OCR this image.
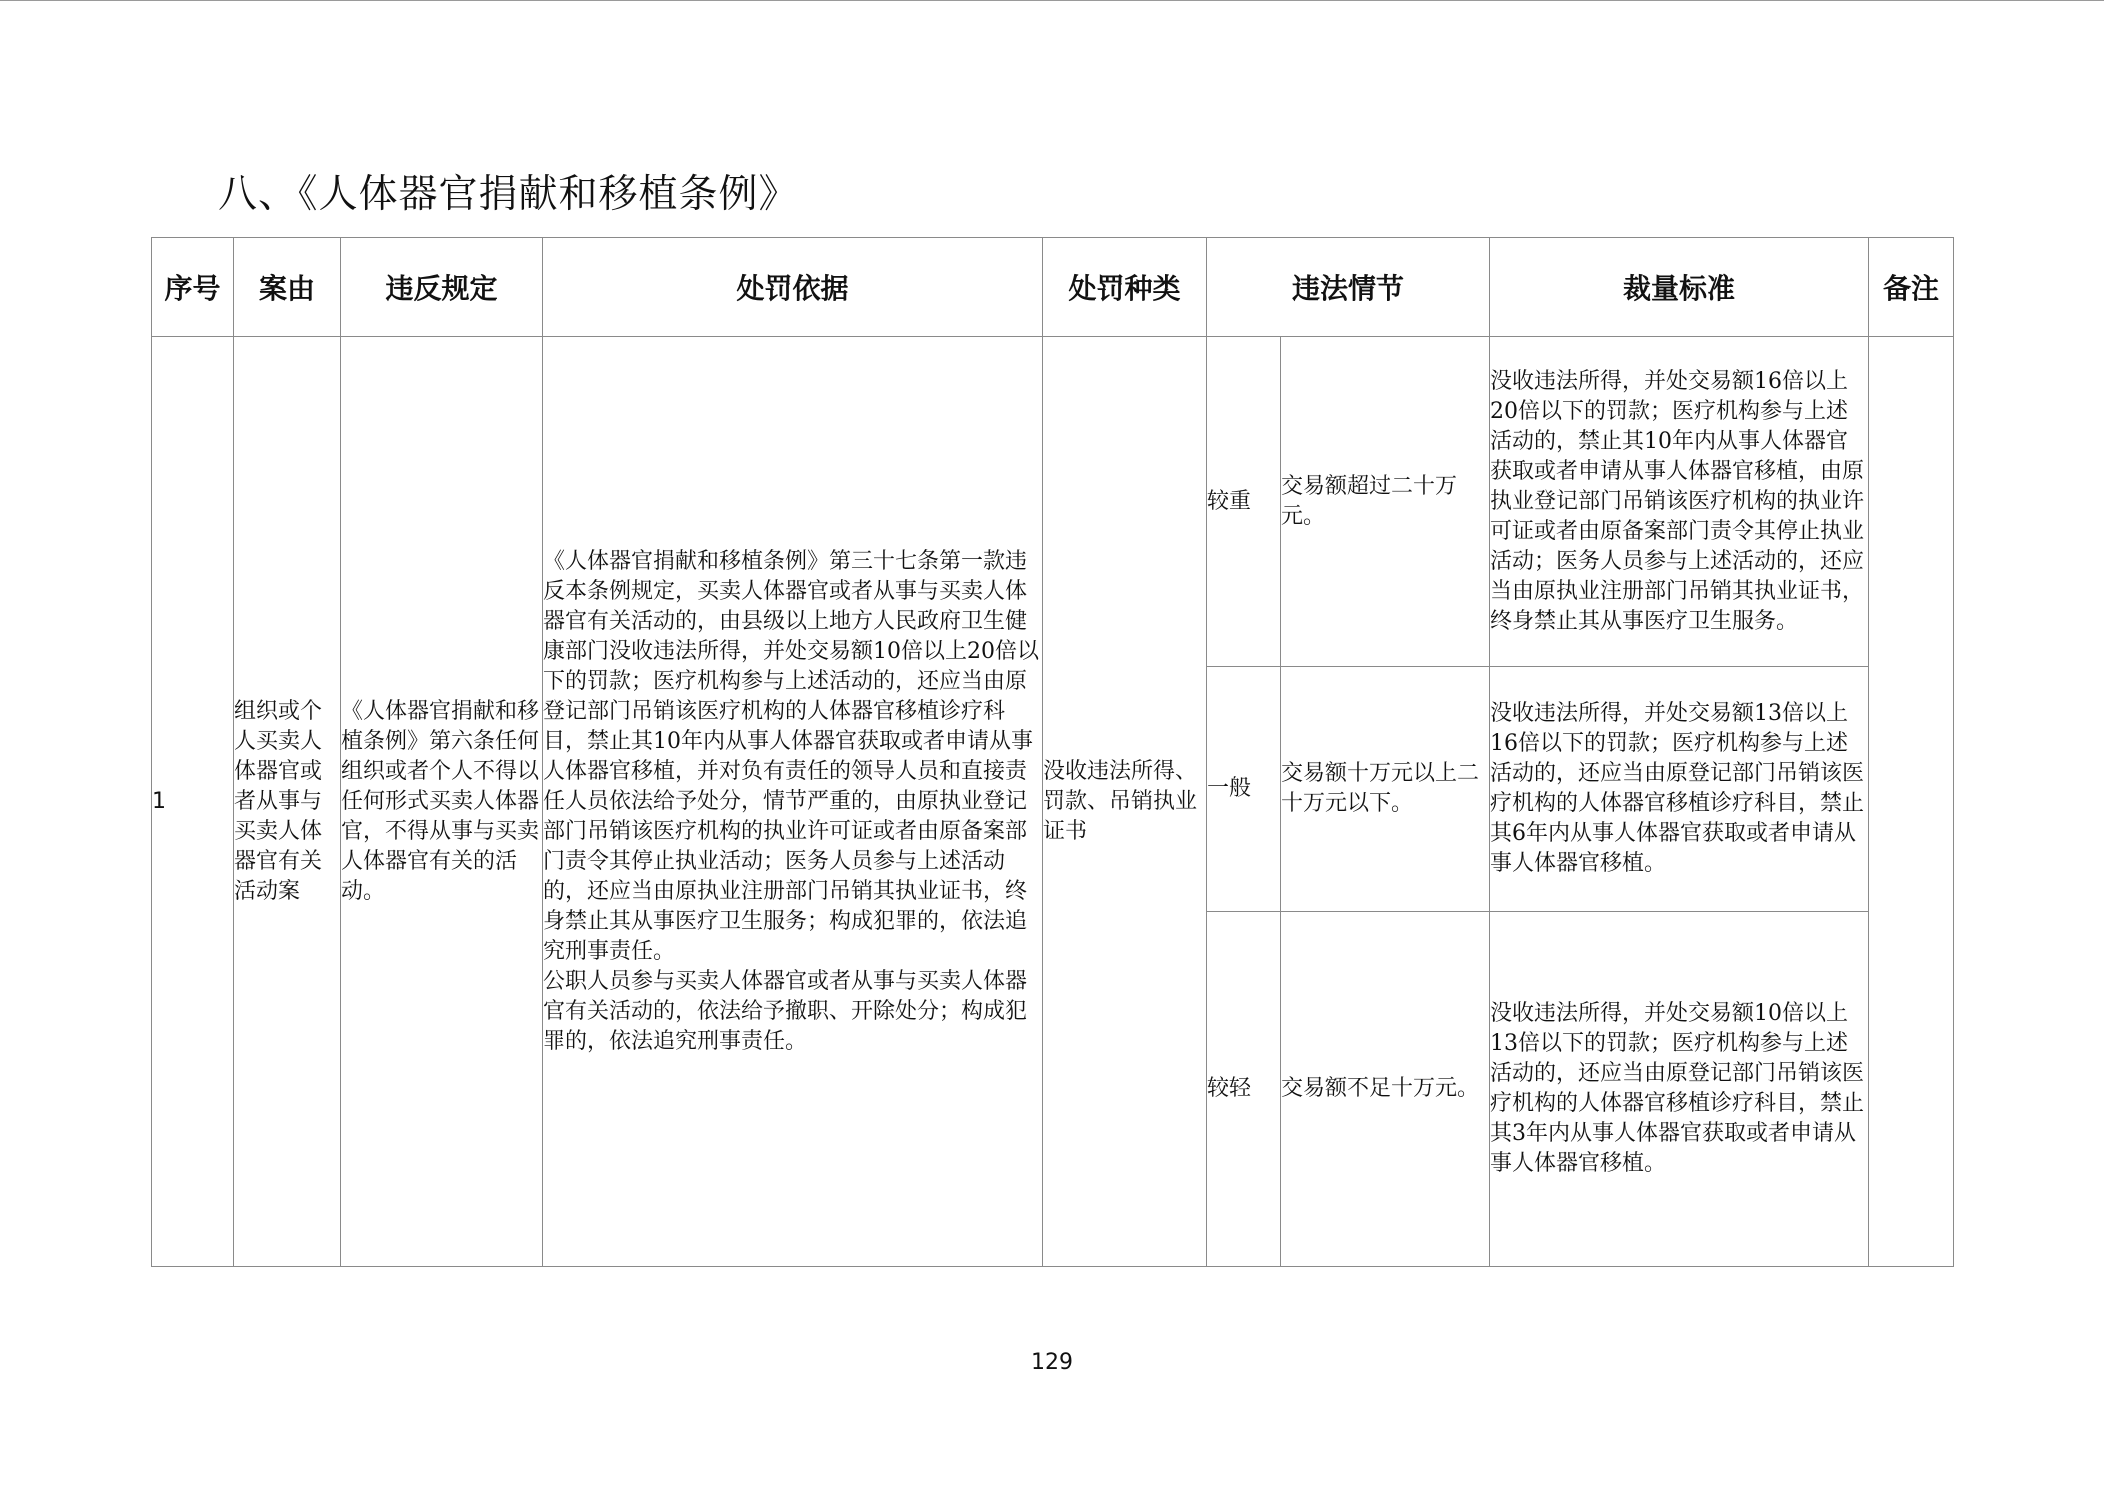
八、《人体器官捐献和移植条例》
序号	案由	违反规定	处罚依据	处罚种类	违法情节		裁量标准	备注
1	组织或个人买卖人体器官或者从事与买卖人体器官有关活动案	《人体器官捐献和移植条例》第六条任何组织或者个人不得以任何形式买卖人体器官，不得从事与买卖人体器官有关的活动。	《人体器官捐献和移植条例》第三十七条第一款违反本条例规定，买卖人体器官或者从事与买卖人体器官有关活动的，由县级以上地方人民政府卫生健康部门没收违法所得，并处交易额10倍以上20倍以下的罚款；医疗机构参与上述活动的，还应当由原登记部门吊销该医疗机构的人体器官移植诊疗科目，禁止其10年内从事人体器官获取或者申请从事人体器官移植，并对负有责任的领导人员和直接责任人员依法给予处分，情节严重的，由原执业登记部门吊销该医疗机构的执业许可证或者由原备案部门责令其停止执业活动；医务人员参与上述活动的，还应当由原执业注册部门吊销其执业证书，终身禁止其从事医疗卫生服务；构成犯罪的，依法追究刑事责任。
公职人员参与买卖人体器官或者从事与买卖人体器官有关活动的，依法给予撤职、开除处分；构成犯罪的，依法追究刑事责任。	没收违法所得、罚款、吊销执业证书	较重	交易额超过二十万元。	没收违法所得，并处交易额16倍以上20倍以下的罚款；医疗机构参与上述活动的，禁止其10年内从事人体器官获取或者申请从事人体器官移植，由原执业登记部门吊销该医疗机构的执业许可证或者由原备案部门责令其停止执业活动；医务人员参与上述活动的，还应当由原执业注册部门吊销其执业证书，终身禁止其从事医疗卫生服务。	
					一般	交易额十万元以上二十万元以下。	没收违法所得，并处交易额13倍以上16倍以下的罚款；医疗机构参与上述活动的，还应当由原登记部门吊销该医疗机构的人体器官移植诊疗科目，禁止其6年内从事人体器官获取或者申请从事人体器官移植。	
					较轻	交易额不足十万元。	没收违法所得，并处交易额10倍以上13倍以下的罚款；医疗机构参与上述活动的，还应当由原登记部门吊销该医疗机构的人体器官移植诊疗科目，禁止其3年内从事人体器官获取或者申请从事人体器官移植。	
129
